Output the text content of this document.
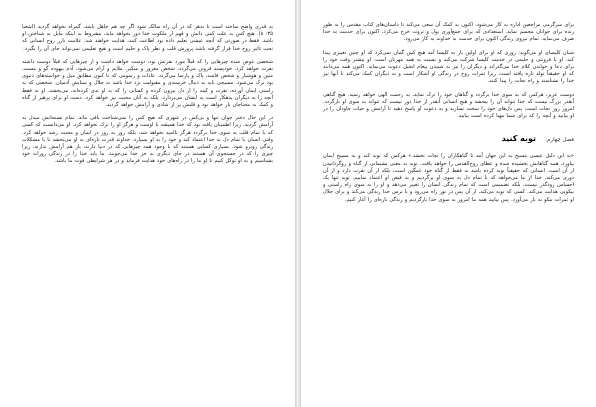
برای سرگرمی مراجعین اداره به کار می‌شود. اکنون به کمک آن سعی می‌کند تا داستان‌های کتاب مقدس را به طور زنده برای جوانان مجسم نماید. استعدادی که برای جمع‌آوری پول و ثروت خرج می‌کرد، اکنون برای خدمت به خدا صرف می‌نماید. تمام نیروی زندگی اکنون برای خدمت به خداوند به کار می‌رود.

شبان کلیسای او می‌گوید: روزی که او برای اولین بار به کلیسا آمد هیچ کس گمان نمی‌کرد که او چنین تغییری پیدا کند. او با فروتنی و حلیمی در خدمت کلیسا شرکت می‌کند و نسبت به همه مهربان است. او بیشتر وقت خود را برای دعا و خواندن کلام خدا می‌گذراند و دیگران را نیز به شنیدن پیغام انجیل دعوت می‌نماید. اکنون همه می‌دانند که او حقیقتاً تولد تازه یافته است، زیرا ثمرات روح در زندگی او آشکار است و به دیگران کمک می‌کند تا آنها نیز خدا را بشناسند و راه نجات را پیدا کنند.

دوست عزیز، هرکس که به سوی خدا برگردد و گناهان خود را ترک نماید، به رحمت الهی خواهد رسید. هیچ گناهی آنقدر بزرگ نیست که خدا نتواند آن را ببخشد و هیچ انسانی آنقدر از خدا دور نیست که نتواند به سوی او بازگردد. امروز روز نجات است، پس دل‌های خود را سخت نسازید و به دعوت او پاسخ دهید تا آرامش و حیات جاودان را در او بیابید و آنچه را که برای شما مهیا کرده است بیابید.

فصل چهارم: توبه کنید

«به این دلیل عیسی مسیح به این جهان آمد تا گناهکاران را نجات بخشد.» هرکس که توبه کند و به مسیح ایمان بیاورد، همه گناهانش بخشیده شده و عطای روح‌القدس را خواهد یافت. توبه به معنی پشیمانی از گناه و روگردانیدن از آن است. انسانی که حقیقتاً توبه کرده باشد نه فقط از گناه خود غمگین است، بلکه از آن نفرت دارد و از آن دوری می‌کند. خدا از ما می‌خواهد که با تمام دل به سوی او برگردیم و به فیض او اعتماد نماییم. توبه تنها یک احساس زودگذر نیست، بلکه تصمیمی است که تمام زندگی انسان را تغییر می‌دهد و او را به سوی راه راستی و نیکویی هدایت می‌کند. کسی که توبه می‌کند، از آن پس در نور راه می‌رود و با ترس خدا زندگی می‌کند و برای جلال او ثمرات نیکو به بار می‌آورد. پس بیایید همه ما امروز به سوی خدا بازگردیم و زندگی تازه‌ای را آغاز کنیم.

به قدری واضح ساخته است تا بدهر که در آن راه سالک شود اگر چه هم جاهل باشد، گمراه نخواهد گردید (اشعیا ۳۵: ۸). هیچ کس به علت کمی دانش و فهم از ملکوت خدا دور نخواهد ماند، مشروط به اینکه مایل به شناختن او باشد. فقط در صورتی که آنچه عیسی تعلیم داده بود اطاعت کنند، هدایت خواهند شد. علامت بارز روح انسانی که تحت تاثیر روح خدا قرار گرفته باشد پرورش قلب و نظر پاک و حلیم است و هیچ تعلیمی نمی‌تواند جای آن را بگیرد.

شخصی عوض شده چیزهایی را که قبلاً مورد نفرتش بود، دوست خواهد داشت و از چیزهایی که قبلاً دوست داشته نفرت خواهد کرد. خودپسند فروتن می‌گردد، شخص مغرور و متکبر، ملایم و آرام می‌شود. آدم بیهوده گو و مست، متین و هوشیار و شخص فاسد، پاک و پارسا می‌گردد. عادات و رسومی که تا کنون مطابق میل و خواسته‌های دنیوی بود ترک می‌شود. مسیحی باید به دنبال خرسندی و مقبولیت نزد خدا باشد نه جلال و ستایش آدمیان. شخصی که به راستی ایمان آورده، نفرت و کینه را از دل بیرون کرده و کسانی را که به او بدی کرده‌اند، می‌بخشد. او نه فقط آنچه را به دیگران بدهکار است به ایشان می‌پردازد، بلکه به آنان محبت نیز خواهد کرد. دست او برای پرهیز از گناه و کمک به محتاجان باز خواهد بود و قلبش پر از شادی و آرامش خواهد گردید.

در این حال دختر جوان تنها و بی‌کس در شهری که هیچ کس را نمی‌شناخت باقی ماند. تمام تشنجاتش مبدل به آرامش گردید، زیرا اطمینان یافته بود که خدا همیشه با اوست و هرگز او را ترک نخواهد کرد. او می‌دانست که کسی که با تمام قلب به سوی خدا برگردد هرگز ناامید نخواهد شد، بلکه روز به روز در ایمان و محبت رشد خواهد کرد. وقتی انسان با تمام دل به خدا اعتماد کند و خود را به او بسپارد، خداوند قدرت تازه‌ای به او می‌بخشد تا با مشکلات زندگی روبرو شود. بسیاری کسانی هستند که با وجود همه چیزهایی که در دنیا دارند، باز هم آرامش ندارند، زیرا چیزی را که در جستجوی آن هستند در جای دیگری به جز خدا می‌جویند. ما باید خدا را در زندگی روزانه خود بشناسیم و به او توکل کنیم تا او ما را در راه‌های خود هدایت فرماید و در هر شرایطی قوت ما باشد.
